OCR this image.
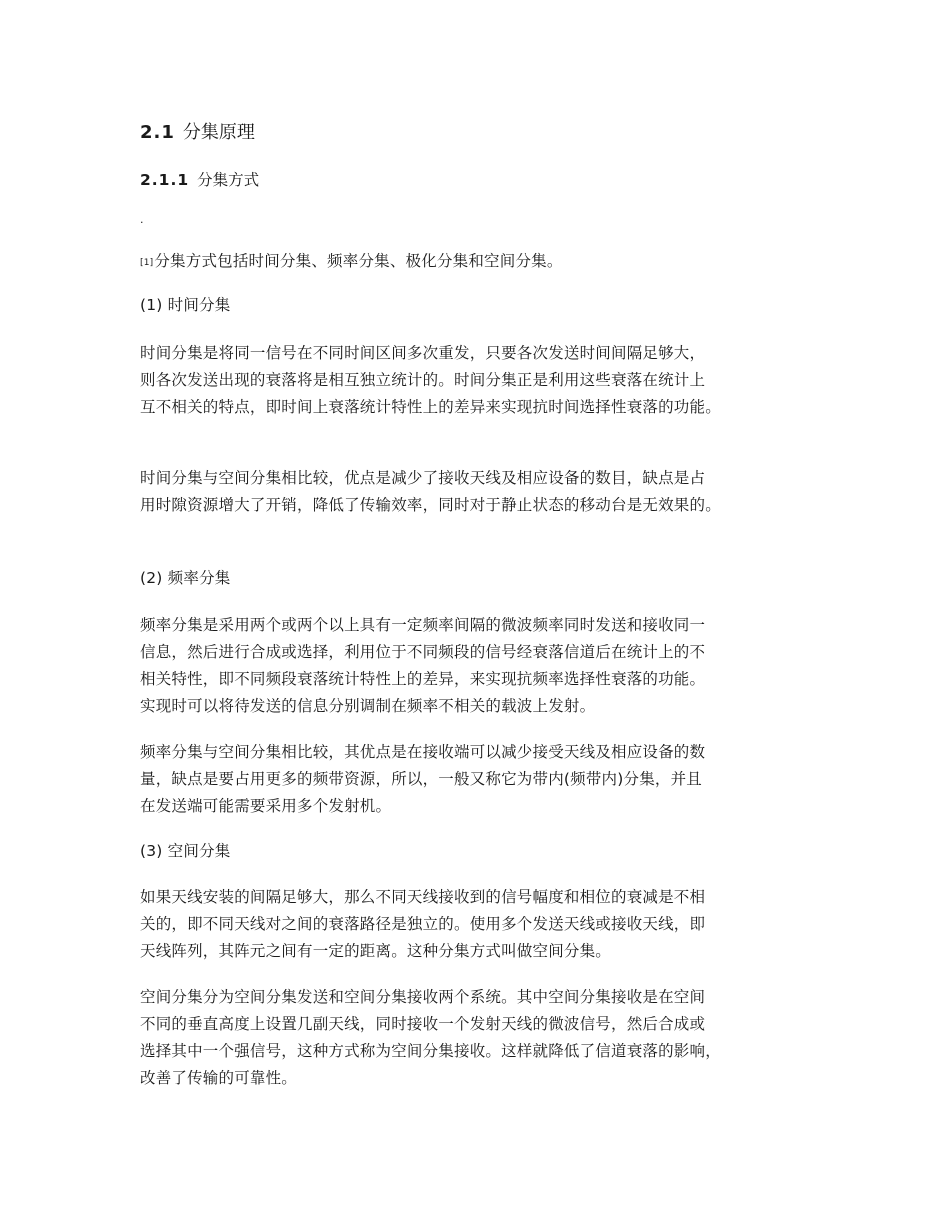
2.1 分集原理
2.1.1 分集方式
.

[1]分集方式包括时间分集、频率分集、极化分集和空间分集。

(1) 时间分集

时间分集是将同一信号在不同时间区间多次重发，只要各次发送时间间隔足够大，
则各次发送出现的衰落将是相互独立统计的。时间分集正是利用这些衰落在统计上
互不相关的特点，即时间上衰落统计特性上的差异来实现抗时间选择性衰落的功能。

时间分集与空间分集相比较，优点是减少了接收天线及相应设备的数目，缺点是占
用时隙资源增大了开销，降低了传输效率，同时对于静止状态的移动台是无效果的。

(2) 频率分集

频率分集是采用两个或两个以上具有一定频率间隔的微波频率同时发送和接收同一
信息，然后进行合成或选择，利用位于不同频段的信号经衰落信道后在统计上的不
相关特性，即不同频段衰落统计特性上的差异，来实现抗频率选择性衰落的功能。
实现时可以将待发送的信息分别调制在频率不相关的载波上发射。

频率分集与空间分集相比较，其优点是在接收端可以减少接受天线及相应设备的数
量，缺点是要占用更多的频带资源，所以，一般又称它为带内(频带内)分集，并且
在发送端可能需要采用多个发射机。

(3) 空间分集

如果天线安装的间隔足够大，那么不同天线接收到的信号幅度和相位的衰减是不相
关的，即不同天线对之间的衰落路径是独立的。使用多个发送天线或接收天线，即
天线阵列，其阵元之间有一定的距离。这种分集方式叫做空间分集。

空间分集分为空间分集发送和空间分集接收两个系统。其中空间分集接收是在空间
不同的垂直高度上设置几副天线，同时接收一个发射天线的微波信号，然后合成或
选择其中一个强信号，这种方式称为空间分集接收。这样就降低了信道衰落的影响，
改善了传输的可靠性。
